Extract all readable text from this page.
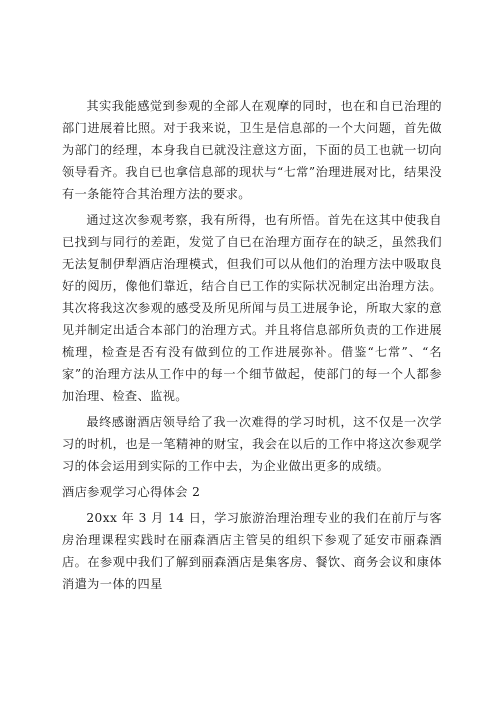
其实我能感觉到参观的全部人在观摩的同时，也在和自已治理的部门进展着比照。对于我来说，卫生是信息部的一个大问题，首先做为部门的经理，本身我自已就没注意这方面，下面的员工也就一切向领导看齐。我自已也拿信息部的现状与“七常”治理进展对比，结果没有一条能符合其治理方法的要求。

通过这次参观考察，我有所得，也有所悟。首先在这其中使我自已找到与同行的差距，发觉了自已在治理方面存在的缺乏，虽然我们无法复制伊犁酒店治理模式，但我们可以从他们的治理方法中吸取良好的阅历，像他们靠近，结合自已工作的实际状况制定出治理方法。其次将我这次参观的感受及所见所闻与员工进展争论，所取大家的意见并制定出适合本部门的治理方式。并且将信息部所负责的工作进展梳理，检查是否有没有做到位的工作进展弥补。借鉴“七常”、“名家”的治理方法从工作中的每一个细节做起，使部门的每一个人都参加治理、检查、监视。

最终感谢酒店领导给了我一次难得的学习时机，这不仅是一次学习的时机，也是一笔精神的财宝，我会在以后的工作中将这次参观学习的体会运用到实际的工作中去，为企业做出更多的成绩。

酒店参观学习心得体会 2

20xx 年 3 月 14 日，学习旅游治理治理专业的我们在前厅与客房治理课程实践时在丽森酒店主管吴的组织下参观了延安市丽森酒店。在参观中我们了解到丽森酒店是集客房、餐饮、商务会议和康体消遣为一体的四星
